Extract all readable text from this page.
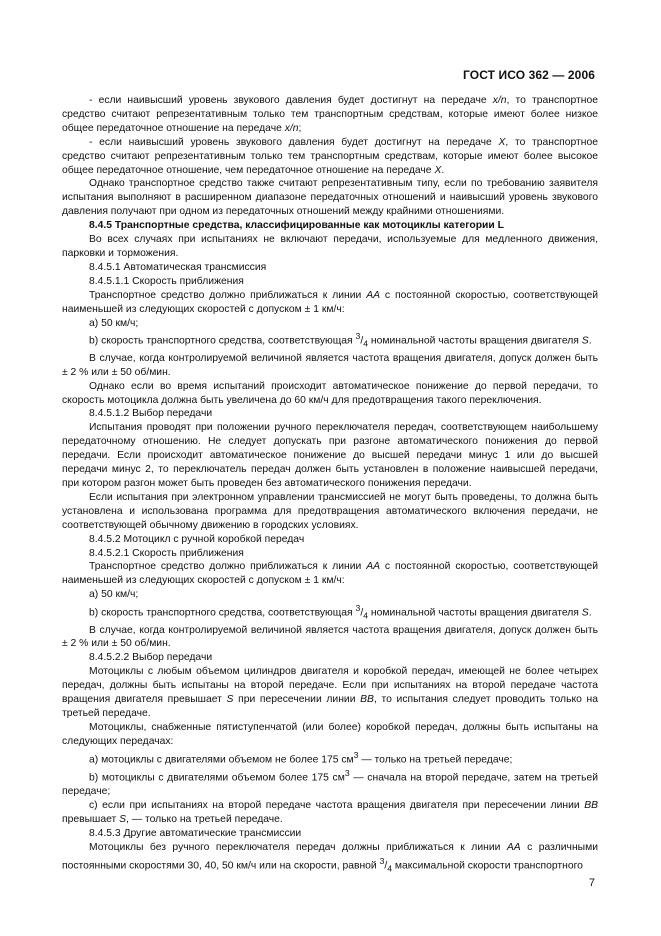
ГОСТ ИСО 362 — 2006

- если наивысший уровень звукового давления будет достигнут на передаче x/n, то транспортное средство считают репрезентативным только тем транспортным средствам, которые имеют более низкое общее передаточное отношение на передаче x/n;

- если наивысший уровень звукового давления будет достигнут на передаче X, то транспортное средство считают репрезентативным только тем транспортным средствам, которые имеют более высокое общее передаточное отношение, чем передаточное отношение на передаче X.

Однако транспортное средство также считают репрезентативным типу, если по требованию заявителя испытания выполняют в расширенном диапазоне передаточных отношений и наивысший уровень звукового давления получают при одном из передаточных отношений между крайними отношениями.

8.4.5 Транспортные средства, классифицированные как мотоциклы категории L

Во всех случаях при испытаниях не включают передачи, используемые для медленного движения, парковки и торможения.

8.4.5.1 Автоматическая трансмиссия

8.4.5.1.1 Скорость приближения

Транспортное средство должно приближаться к линии АА с постоянной скоростью, соответствующей наименьшей из следующих скоростей с допуском ± 1 км/ч:

а) 50 км/ч;

b) скорость транспортного средства, соответствующая $^3/_4$ номинальной частоты вращения двигателя S.

В случае, когда контролируемой величиной является частота вращения двигателя, допуск должен быть ± 2 % или ± 50 об/мин.

Однако если во время испытаний происходит автоматическое понижение до первой передачи, то скорость мотоцикла должна быть увеличена до 60 км/ч для предотвращения такого переключения.

8.4.5.1.2 Выбор передачи

Испытания проводят при положении ручного переключателя передач, соответствующем наибольшему передаточному отношению. Не следует допускать при разгоне автоматического понижения до первой передачи. Если происходит автоматическое понижение до высшей передачи минус 1 или до высшей передачи минус 2, то переключатель передач должен быть установлен в положение наивысшей передачи, при котором разгон может быть проведен без автоматического понижения передачи.

Если испытания при электронном управлении трансмиссией не могут быть проведены, то должна быть установлена и использована программа для предотвращения автоматического включения передачи, не соответствующей обычному движению в городских условиях.

8.4.5.2 Мотоцикл с ручной коробкой передач

8.4.5.2.1 Скорость приближения

Транспортное средство должно приближаться к линии АА с постоянной скоростью, соответствующей наименьшей из следующих скоростей с допуском ± 1 км/ч:

а) 50 км/ч;

b) скорость транспортного средства, соответствующая $^3/_4$ номинальной частоты вращения двигателя S.

В случае, когда контролируемой величиной является частота вращения двигателя, допуск должен быть ± 2 % или ± 50 об/мин.

8.4.5.2.2 Выбор передачи

Мотоциклы с любым объемом цилиндров двигателя и коробкой передач, имеющей не более четырех передач, должны быть испытаны на второй передаче. Если при испытаниях на второй передаче частота вращения двигателя превышает S при пересечении линии ВВ, то испытания следует проводить только на третьей передаче.

Мотоциклы, снабженные пятиступенчатой (или более) коробкой передач, должны быть испытаны на следующих передачах:

а) мотоциклы с двигателями объемом не более 175 $см^3$ — только на третьей передаче;

b) мотоциклы с двигателями объемом более 175 $см^3$ — сначала на второй передаче, затем на третьей передаче;

с) если при испытаниях на второй передаче частота вращения двигателя при пересечении линии ВВ превышает S, — только на третьей передаче.

8.4.5.3 Другие автоматические трансмиссии

Мотоциклы без ручного переключателя передач должны приближаться к линии АА с различными постоянными скоростями 30, 40, 50 км/ч или на скорости, равной $^3/_4$ максимальной скорости транспортного

7
